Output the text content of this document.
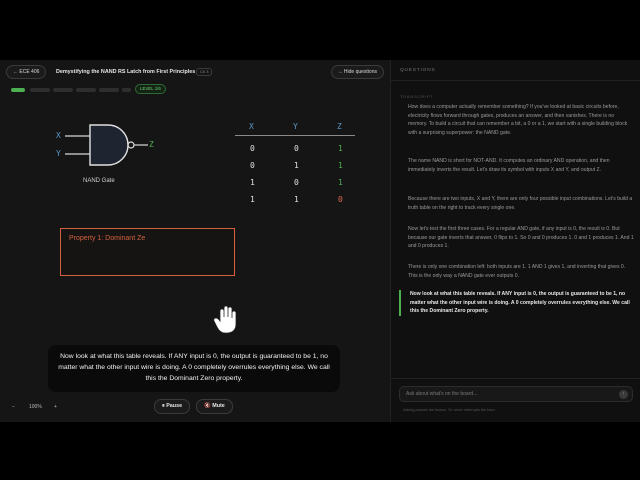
← ECE 406	Demystifying the NAND RS Latch from First Principles	Ch 3	→ Hide questions
LEVEL 1/6
X
Y
Z
NAND Gate
X	Y	Z
0	0	1
0	1	1
1	0	1
1	1	0
Property 1: Dominant Ze
Now look at what this table reveals. If ANY input is 0, the output is guaranteed to be 1, no matter what the other input wire is doing. A 0 completely overrules everything else. We call this the Dominant Zero property.
−	100% +	⏸ Pause	🔇 Mute
QUESTIONS
TRANSCRIPT
How does a computer actually remember something? If you've looked at basic circuits before, electricity flows forward through gates, produces an answer, and then vanishes. There is no memory. To build a circuit that can remember a bit, a 0 or a 1, we start with a single building block with a surprising superpower: the NAND gate.
The name NAND is short for NOT-AND. It computes an ordinary AND operation, and then immediately inverts the result. Let's draw its symbol with inputs X and Y, and output Z.
Because there are two inputs, X and Y, there are only four possible input combinations. Let's build a truth table on the right to track every single one.
Now let's test the first three cases. For a regular AND gate, if any input is 0, the result is 0. But because our gate inverts that answer, 0 flips to 1. So 0 and 0 produces 1. 0 and 1 produces 1. And 1 and 0 produces 1.
There is only one combination left: both inputs are 1. 1 AND 1 gives 1, and inverting that gives 0. This is the only way a NAND gate ever outputs 0.
Now look at what this table reveals. If ANY input is 0, the output is guaranteed to be 1, no matter what the other input wire is doing. A 0 completely overrules everything else. We call this the Dominant Zero property.
Ask about what's on the board...	↑
Asking pauses the lesson. Or never interrupts the tutor.
